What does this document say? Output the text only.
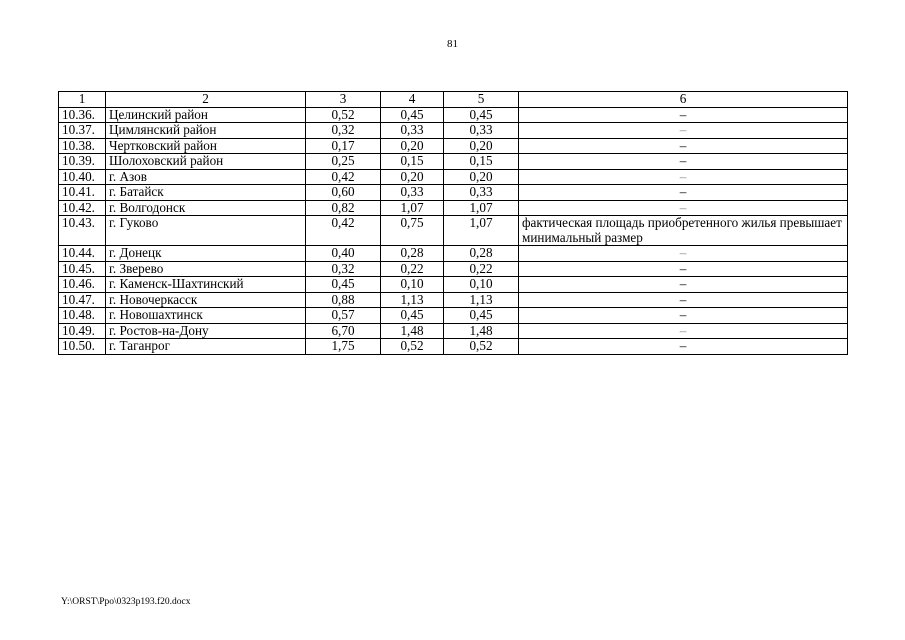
81
1	2	3	4	5	6
10.36.	Целинский район	0,52	0,45	0,45	–
10.37.	Цимлянский район	0,32	0,33	0,33	–
10.38.	Чертковский район	0,17	0,20	0,20	–
10.39.	Шолоховский район	0,25	0,15	0,15	–
10.40.	г. Азов	0,42	0,20	0,20	–
10.41.	г. Батайск	0,60	0,33	0,33	–
10.42.	г. Волгодонск	0,82	1,07	1,07	–
10.43.	г. Гуково	0,42	0,75	1,07	фактическая площадь приобретенного жилья превышает минимальный размер
10.44.	г. Донецк	0,40	0,28	0,28	–
10.45.	г. Зверево	0,32	0,22	0,22	–
10.46.	г. Каменск-Шахтинский	0,45	0,10	0,10	–
10.47.	г. Новочеркасск	0,88	1,13	1,13	–
10.48.	г. Новошахтинск	0,57	0,45	0,45	–
10.49.	г. Ростов-на-Дону	6,70	1,48	1,48	–
10.50.	г. Таганрог	1,75	0,52	0,52	–
Y:\ORST\Ppo\0323p193.f20.docx
